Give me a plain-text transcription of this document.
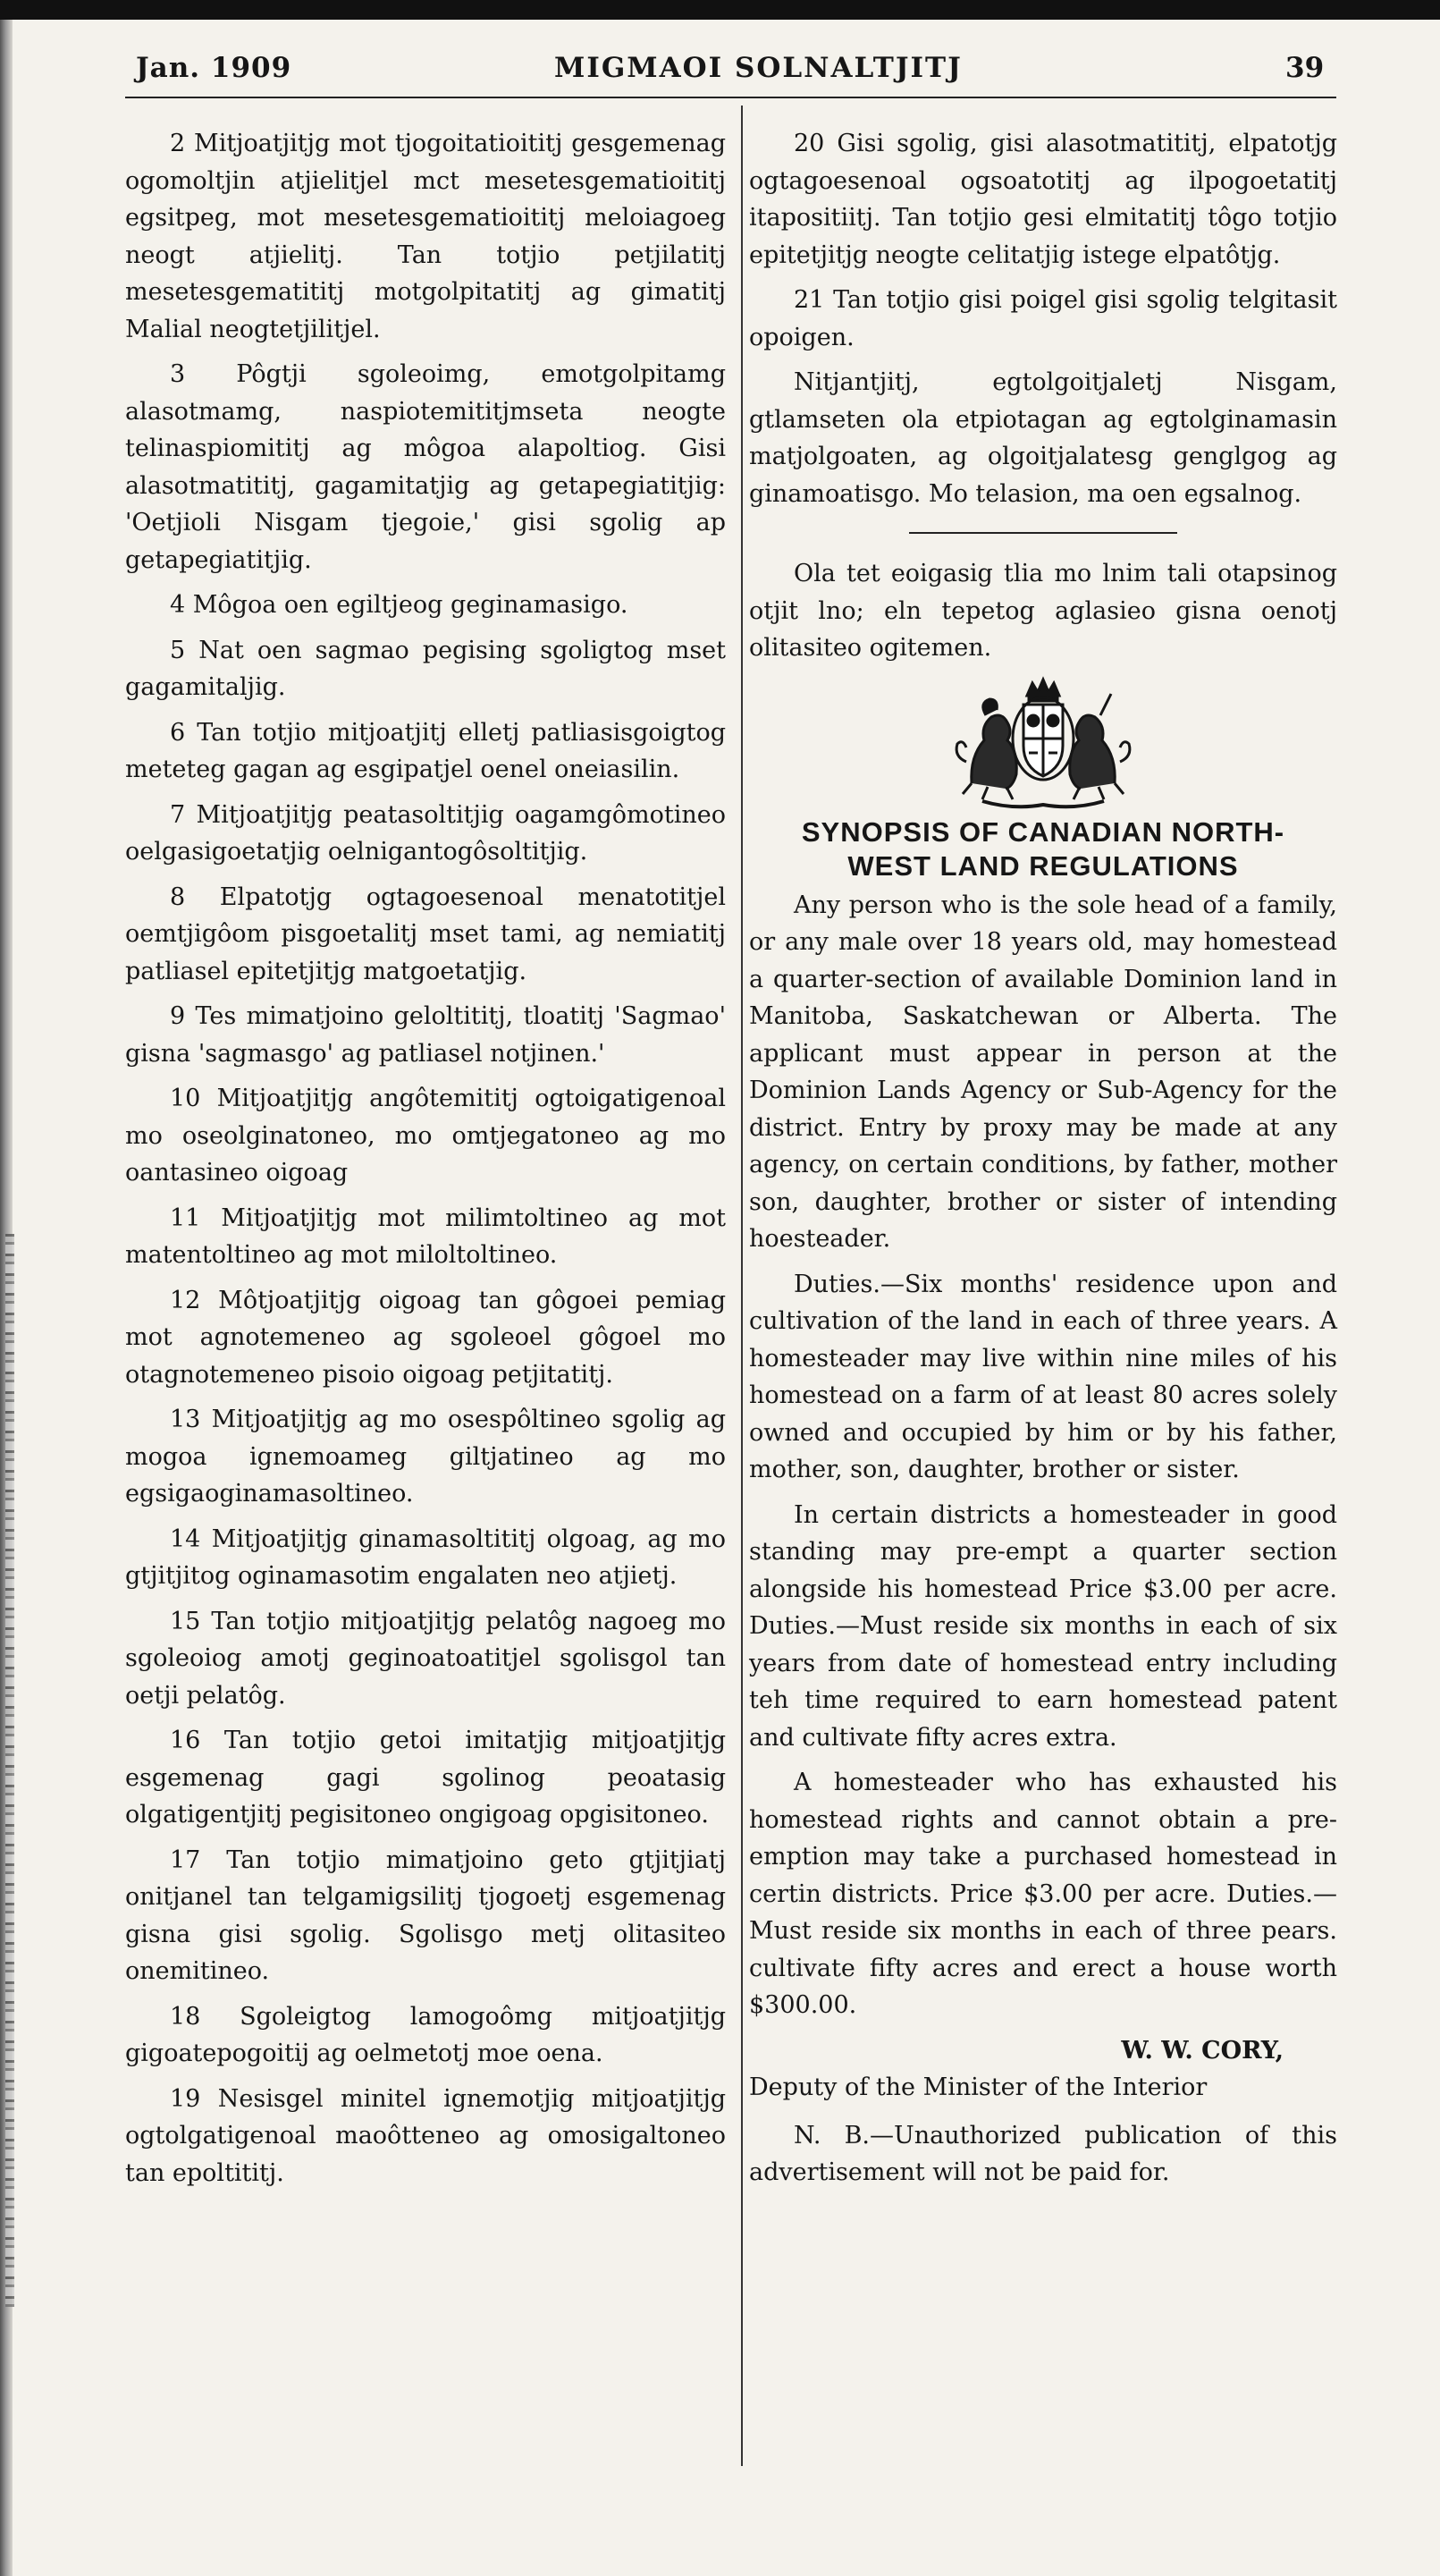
Jan. 1909	MIGMAOI SOLNALTJITJ	39

2 Mitjoatjitjg mot tjogoitatioititj gesgemenag ogomoltjin atjielitjel mct mesetesgematioititj egsitpeg, mot mesetesgematioititj meloiagoeg neogt atjielitj. Tan totjio petjilatitj mesetesgematititj motgolpitatitj ag gimatitj Malial neogtetjilitjel.

3 Pôgtji sgoleoimg, emotgolpitamg alasotmamg, naspiotemititjmseta neogte telinaspiomititj ag môgoa alapoltiog. Gisi alasotmatititj, gagamitatjig ag getapegiatitjig: 'Oetjioli Nisgam tjegoie,' gisi sgolig ap getapegiatitjig.

4 Môgoa oen egiltjeog geginamasigo.

5 Nat oen sagmao pegising sgoligtog mset gagamitaljig.

6 Tan totjio mitjoatjitj elletj patliasisgoigtog meteteg gagan ag esgipatjel oenel oneiasilin.

7 Mitjoatjitjg peatasoltitjig oagamgômotineo oelgasigoetatjig oelnigantogôsoltitjig.

8 Elpatotjg ogtagoesenoal menatotitjel oemtjigôom pisgoetalitj mset tami, ag nemiatitj patliasel epitetjitjg matgoetatjig.

9 Tes mimatjoino geloltititj, tloatitj 'Sagmao' gisna 'sagmasgo' ag patliasel notjinen.'

10 Mitjoatjitjg angôtemititj ogtoigatigenoal mo oseolginatoneo, mo omtjegatoneo ag mo oantasineo oigoag

11 Mitjoatjitjg mot milimtoltineo ag mot matentoltineo ag mot miloltoltineo.

12 Môtjoatjitjg oigoag tan gôgoei pemiag mot agnotemeneo ag sgoleoel gôgoel mo otagnotemeneo pisoio oigoag petjitatitj.

13 Mitjoatjitjg ag mo osespôltineo sgolig ag mogoa ignemoameg giltjatineo ag mo egsigaoginamasoltineo.

14 Mitjoatjitjg ginamasoltititj olgoag, ag mo gtjitjitog oginamasotim engalaten neo atjietj.

15 Tan totjio mitjoatjitjg pelatôg nagoeg mo sgoleoiog amotj geginoatoatitjel sgolisgol tan oetji pelatôg.

16 Tan totjio getoi imitatjig mitjoatjitjg esgemenag gagi sgolinog peoatasig olgatigentjitj pegisitoneo ongigoag opgisitoneo.

17 Tan totjio mimatjoino geto gtjitjiatj onitjanel tan telgamigsilitj tjogoetj esgemenag gisna gisi sgolig. Sgolisgo metj olitasiteo onemitineo.

18 Sgoleigtog lamogoômg mitjoatjitjg gigoatepogoitij ag oelmetotj moe oena.

19 Nesisgel minitel ignemotjig mitjoatjitjg ogtolgatigenoal maoôtteneo ag omosigaltoneo tan epoltititj.

20 Gisi sgolig, gisi alasotmatititj, elpatotjg ogtagoesenoal ogsoatotitj ag ilpogoetatitj itapositiitj. Tan totjio gesi elmitatitj tôgo totjio epitetjitjg neogte celitatjig istege elpatôtjg.

21 Tan totjio gisi poigel gisi sgolig telgitasit opoigen.

Nitjantjitj, egtolgoitjaletj Nisgam, gtlamseten ola etpiotagan ag egtolginamasin matjolgoaten, ag olgoitjalatesg genglgog ag ginamoatisgo. Mo telasion, ma oen egsalnog.

Ola tet eoigasig tlia mo lnim tali otapsinog otjit lno; eln tepetog aglasieo gisna oenotj olitasiteo ogitemen.

SYNOPSIS OF CANADIAN NORTH-
WEST LAND REGULATIONS

Any person who is the sole head of a family, or any male over 18 years old, may homestead a quarter-section of available Dominion land in Manitoba, Saskatchewan or Alberta. The applicant must appear in person at the Dominion Lands Agency or Sub-Agency for the district. Entry by proxy may be made at any agency, on certain conditions, by father, mother son, daughter, brother or sister of intending hoesteader.

Duties.—Six months' residence upon and cultivation of the land in each of three years. A homesteader may live within nine miles of his homestead on a farm of at least 80 acres solely owned and occupied by him or by his father, mother, son, daughter, brother or sister.

In certain districts a homesteader in good standing may pre-empt a quarter section alongside his homestead Price $3.00 per acre. Duties.—Must reside six months in each of six years from date of homestead entry including teh time required to earn homestead patent and cultivate fifty acres extra.

A homesteader who has exhausted his homestead rights and cannot obtain a pre-emption may take a purchased homestead in certin districts. Price $3.00 per acre. Duties.—Must reside six months in each of three pears. cultivate fifty acres and erect a house worth $300.00.

W. W. CORY,

Deputy of the Minister of the Interior

N. B.—Unauthorized publication of this advertisement will not be paid for.
